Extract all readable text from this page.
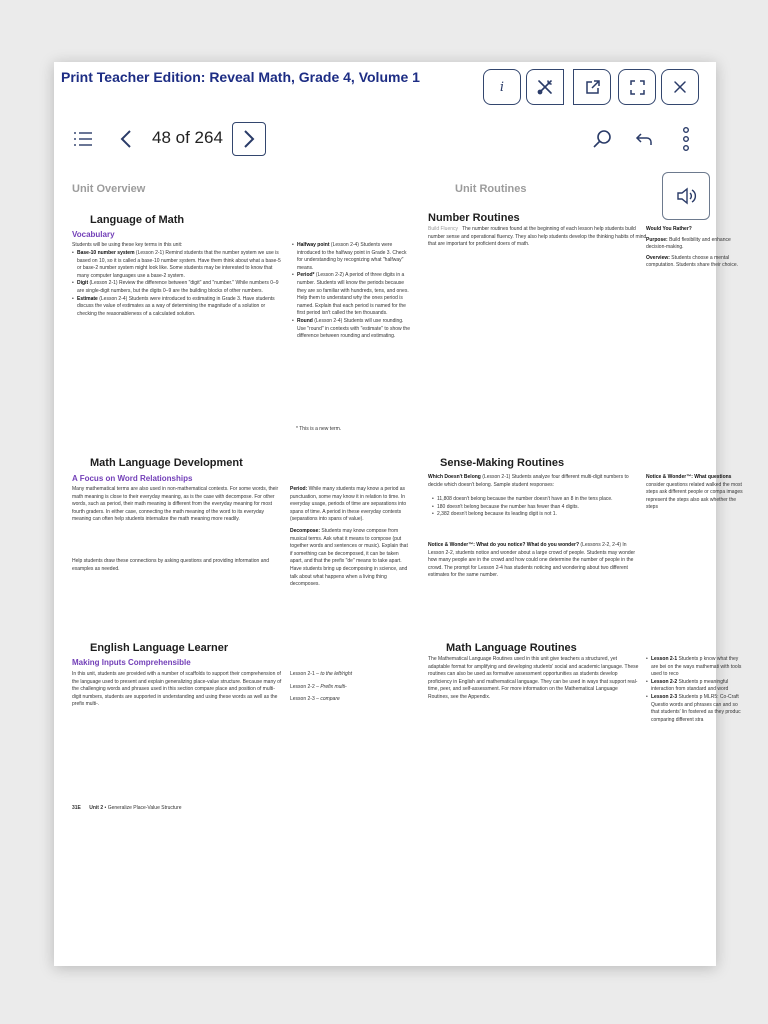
Print Teacher Edition: Reveal Math, Grade 4, Volume 1
i
48 of 264
Unit Overview
Language of Math
Vocabulary
Students will be using these key terms in this unit:
• Base-10 number system (Lesson 2-1) Remind students that the number system we use is based on 10, so it is called a base-10 number system. Have them think about what a base-5 or base-2 number system might look like. Some students may be interested to know that many computer languages use a base-2 system.
• Digit (Lesson 2-1) Review the difference between "digit" and "number." While numbers 0–9 are single-digit numbers, but the digits 0–9 are the building blocks of other numbers.
• Estimate (Lesson 2-4) Students were introduced to estimating in Grade 3. Have students discuss the value of estimates as a way of determining the magnitude of a solution or checking the reasonableness of a calculated solution.
• Halfway point (Lesson 2-4) Students were introduced to the halfway point in Grade 3. Check for understanding by recognizing what "halfway" means.
• Period* (Lesson 2-2) A period of three digits in a number. Students will know the periods because they are so familiar with hundreds, tens, and ones. Help them to understand why the ones period is named. Explain that each period is named for the first period isn't called the ten thousands.
• Round (Lesson 2-4) Students will use rounding. Use "round" in contexts with "estimate" to show the difference between rounding and estimating.
* This is a new term.
Math Language Development
A Focus on Word Relationships
Many mathematical terms are also used in non-mathematical contexts. For some words, their math meaning is close to their everyday meaning, as is the case with decompose. For other words, such as period, their math meaning is different from the everyday meaning for most fourth graders. In either case, connecting the math meaning of the word to its everyday meaning can often help students internalize the math meaning more readily.
Help students draw these connections by asking questions and providing information and examples as needed.
Period: While many students may know a period as punctuation, some may know it in relation to time. In everyday usage, periods of time are separations into spans of time. A period in these everyday contexts (separations into spans of value).
Decompose: Students may know compose from musical terms. Ask what it means to compose (put together words and sentences or music). Explain that if something can be decomposed, it can be taken apart, and that the prefix "de" means to take apart. Have students bring up decomposing in science, and talk about what happens when a living thing decomposes.
English Language Learner
Making Inputs Comprehensible
In this unit, students are provided with a number of scaffolds to support their comprehension of the language used to present and explain generalizing place-value structure. Because many of the challenging words and phrases used in this section compare place and position of multi-digit numbers, students are supported in understanding and using these words as well as the prefix multi-.
Lesson 2-1 – to the left/right
Lesson 2-2 – Prefix multi-
Lesson 2-3 – compare
31E Unit 2 • Generalize Place-Value Structure
Unit Routines
Number Routines
Build Fluency The number routines found at the beginning of each lesson help students build number sense and operational fluency. They also help students develop the thinking habits of mind that are important for proficient doers of math.
Would You Rather?
Purpose: Build flexibility and enhance decision-making.
Overview: Students choose a mental computation. Students share their choice.
Sense-Making Routines
Which Doesn't Belong (Lesson 2-1) Students analyze four different multi-digit numbers to decide which doesn't belong. Sample student responses:
• 11,808 doesn't belong because the number doesn't have an 8 in the tens place.
• 180 doesn't belong because the number has fewer than 4 digits.
• 2,382 doesn't belong because its leading digit is not 1.
Notice & Wonder™: What do you notice? What do you wonder? (Lessons 2-2, 2-4) In Lesson 2-2, students notice and wonder about a large crowd of people. Students may wonder how many people are in the crowd and how could one determine the number of people in the crowd. The prompt for Lesson 2-4 has students noticing and wondering about two different estimates for the same number.
Notice & Wonder™: What questions
consider questions related walked the most steps ask different people or compa images represent the steps also ask whether the steps
Math Language Routines
The Mathematical Language Routines used in this unit give teachers a structured, yet adaptable format for amplifying and developing students' social and academic language. These routines can also be used as formative assessment opportunities as students develop proficiency in English and mathematical language. They can be used in ways that support real-time, peer, and self-assessment. For more information on the Mathematical Language Routines, see the Appendix.
• Lesson 2-1 Students p know what they are bei on the ways mathemati with tools used to reco
• Lesson 2-2 Students p meaningful interaction from standard and word
• Lesson 2-3 Students p MLR5: Co-Craft Questio words and phrases can and so that students' lin fostered as they produc comparing different stra
